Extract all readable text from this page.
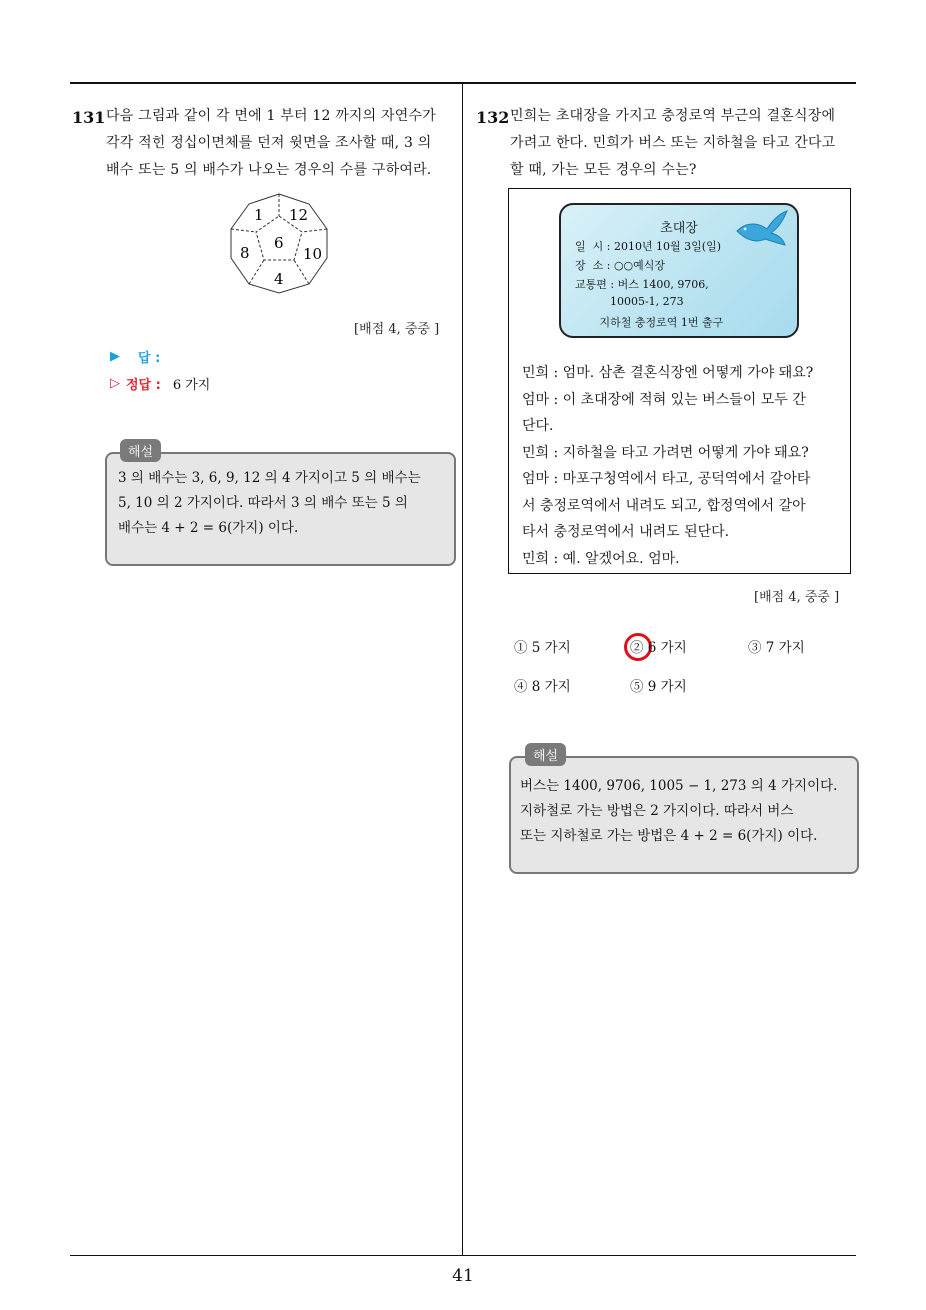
131 다음 그림과 같이 각 면에 1 부터 12 까지의 자연수가
각각 적힌 정십이면체를 던져 윗면을 조사할 때, 3 의
배수 또는 5 의 배수가 나오는 경우의 수를 구하여라.
1 12
6
8	10
4
[배점 4, 중중 ]
▶ 답 :
▷ 정답 : 6 가지
해설
3 의 배수는 3, 6, 9, 12 의 4 가지이고 5 의 배수는
5, 10 의 2 가지이다. 따라서 3 의 배수 또는 5 의
배수는 4 + 2 = 6(가지) 이다.
132 민희는 초대장을 가지고 충정로역 부근의 결혼식장에
가려고 한다. 민희가 버스 또는 지하철을 타고 간다고
할 때, 가는 모든 경우의 수는?
초대장
일  시 : 2010년 10월 3일(일)
장  소 : ○○예식장
교통편 : 버스 1400, 9706,
10005-1, 273
지하철 충정로역 1번 출구
민희 : 엄마. 삼촌 결혼식장엔 어떻게 가야 돼요?
엄마 : 이 초대장에 적혀 있는 버스들이 모두 간
단다.
민희 : 지하철을 타고 가려면 어떻게 가야 돼요?
엄마 : 마포구청역에서 타고, 공덕역에서 갈아타
서 충정로역에서 내려도 되고, 합정역에서 갈아
타서 충정로역에서 내려도 된단다.
민희 : 예. 알겠어요. 엄마.
[배점 4, 중중 ]
① 5 가지	② 6 가지	③ 7 가지
④ 8 가지	⑤ 9 가지
해설
버스는 1400, 9706, 1005 − 1, 273 의 4 가지이다.
지하철로 가는 방법은 2 가지이다. 따라서 버스
또는 지하철로 가는 방법은 4 + 2 = 6(가지) 이다.
41
